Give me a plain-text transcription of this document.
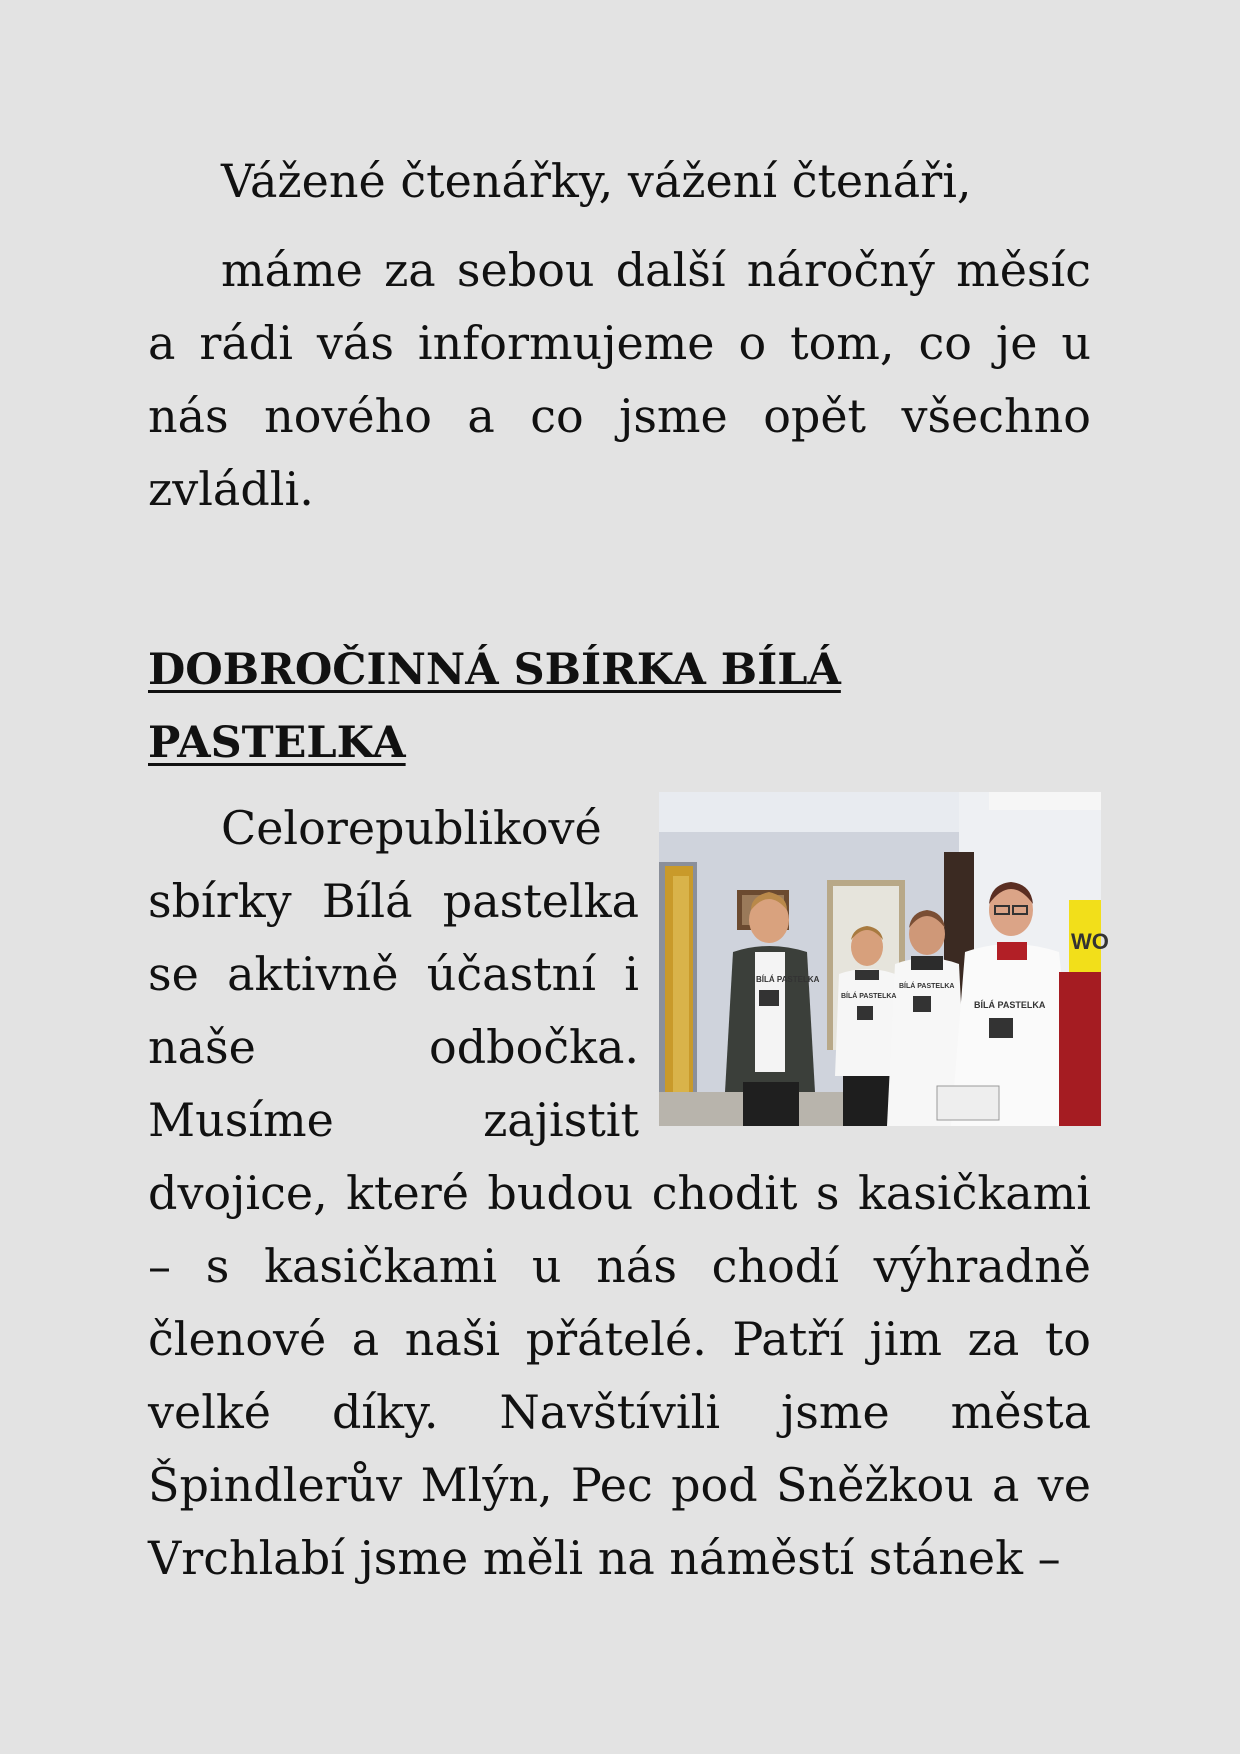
Vážené čtenářky, vážení čtenáři,

máme za sebou další náročný měsíc a rádi vás informujeme o tom, co je u nás nového a co jsme opět všechno zvládli.

DOBROČINNÁ SBÍRKA BÍLÁ PASTELKA
WO
BÍLÁ PASTELKA
BÍLÁ PASTELKA
BÍLÁ PASTELKA
BÍLÁ PASTELKA

Celorepublikové sbírky Bílá pastelka se aktivně účastní i naše odbočka. Musíme zajistit dvojice, které budou chodit s kasičkami – s kasičkami u nás chodí výhradně členové a naši přátelé. Patří jim za to velké díky. Navštívili jsme města Špindlerův Mlýn, Pec pod Sněžkou a ve Vrchlabí jsme měli na náměstí stánek –
